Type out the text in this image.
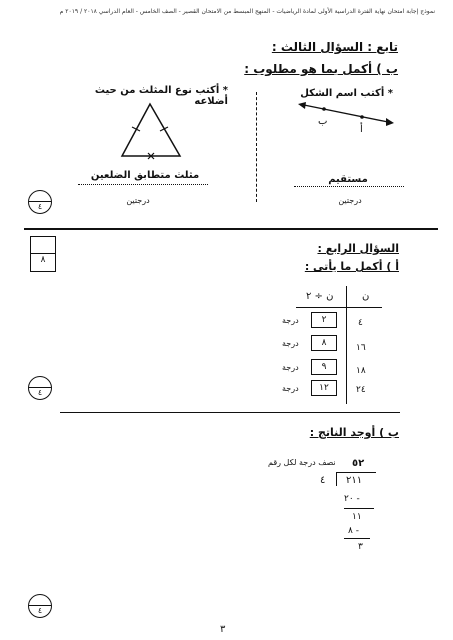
نموذج إجابة امتحان نهاية الفترة الدراسية الأولى لمادة الرياضيات - المنهج المبسط من الامتحان القصير - الصف الخامس - العام الدراسي ٢٠١٨ / ٢٠١٩ م
تابع : السؤال الثالث :
ب ) أكمل بما هو مطلوب :
* أكتب نوع المثلث من حيث أضلاعه
مثلث متطابق الضلعين
درجتين
* أكتب اسم الشكل
ب
أ
مستقيم
درجتين
٤
٨
السؤال الرابع :
أ ) أكمل ما يأتى :
ن
ن ÷ ٢
٤
٢
درجة
١٦
٨
درجة
١٨
٩
درجة
٢٤
١٢
درجة
٤
ب ) أوجد الناتج :
٥٢
نصف درجة لكل رقم
٢١١
٤
٢٠ -
١١
٨ -
٣
٤
٣
